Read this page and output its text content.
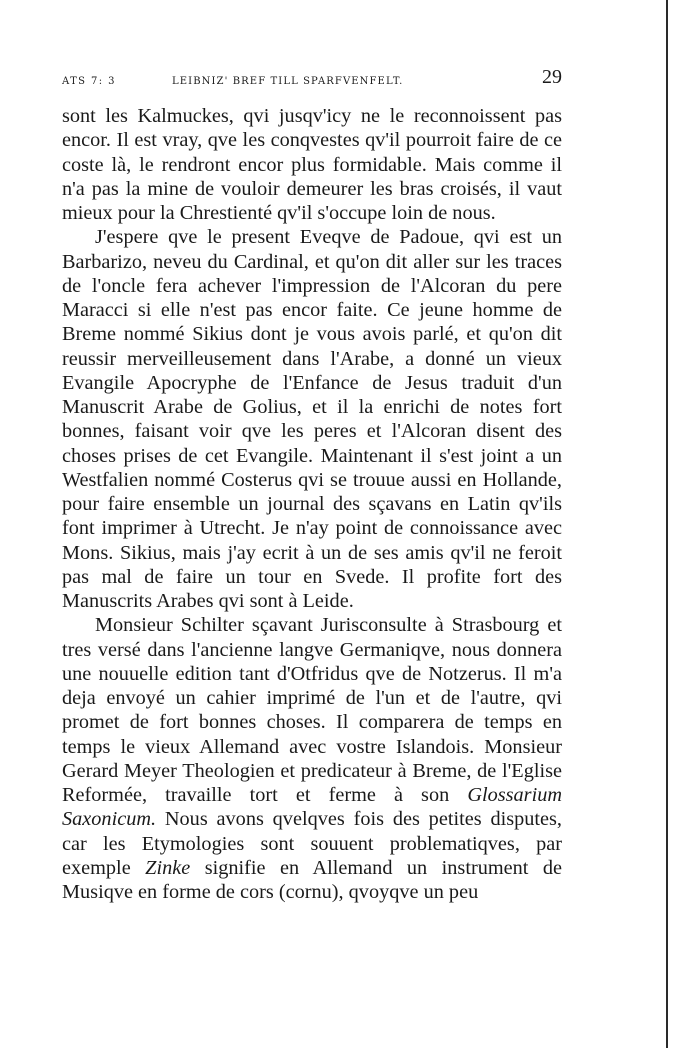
ATS 7: 3	LEIBNIZ' BREF TILL SPARFVENFELT.	29

sont les Kalmuckes, qvi jusqv'icy ne le reconnoissent pas encor. Il est vray, qve les conqvestes qv'il pourroit faire de ce coste là, le rendront encor plus formidable. Mais comme il n'a pas la mine de vouloir demeurer les bras croisés, il vaut mieux pour la Chrestienté qv'il s'occupe loin de nous.

J'espere qve le present Eveqve de Padoue, qvi est un Barbarizo, neveu du Cardinal, et qu'on dit aller sur les traces de l'oncle fera achever l'impression de l'Alcoran du pere Maracci si elle n'est pas encor faite. Ce jeune homme de Breme nommé Sikius dont je vous avois parlé, et qu'on dit reussir merveilleusement dans l'Arabe, a donné un vieux Evangile Apocryphe de l'Enfance de Jesus traduit d'un Manuscrit Arabe de Golius, et il la enrichi de notes fort bonnes, faisant voir qve les peres et l'Alcoran disent des choses prises de cet Evangile. Maintenant il s'est joint a un Westfalien nommé Costerus qvi se trouue aussi en Hollande, pour faire ensemble un journal des sçavans en Latin qv'ils font imprimer à Utrecht. Je n'ay point de connoissance avec Mons. Sikius, mais j'ay ecrit à un de ses amis qv'il ne feroit pas mal de faire un tour en Svede. Il profite fort des Manuscrits Arabes qvi sont à Leide.

Monsieur Schilter sçavant Jurisconsulte à Strasbourg et tres versé dans l'ancienne langve Germaniqve, nous donnera une nouuelle edition tant d'Otfridus qve de Notzerus. Il m'a deja envoyé un cahier imprimé de l'un et de l'autre, qvi promet de fort bonnes choses. Il comparera de temps en temps le vieux Allemand avec vostre Islandois. Monsieur Gerard Meyer Theologien et predicateur à Breme, de l'Eglise Reformée, travaille tort et ferme à son Glossarium Saxonicum. Nous avons qvelqves fois des petites disputes, car les Etymologies sont souuent problematiqves, par exemple Zinke signifie en Allemand un instrument de Musiqve en forme de cors (cornu), qvoyqve un peu
